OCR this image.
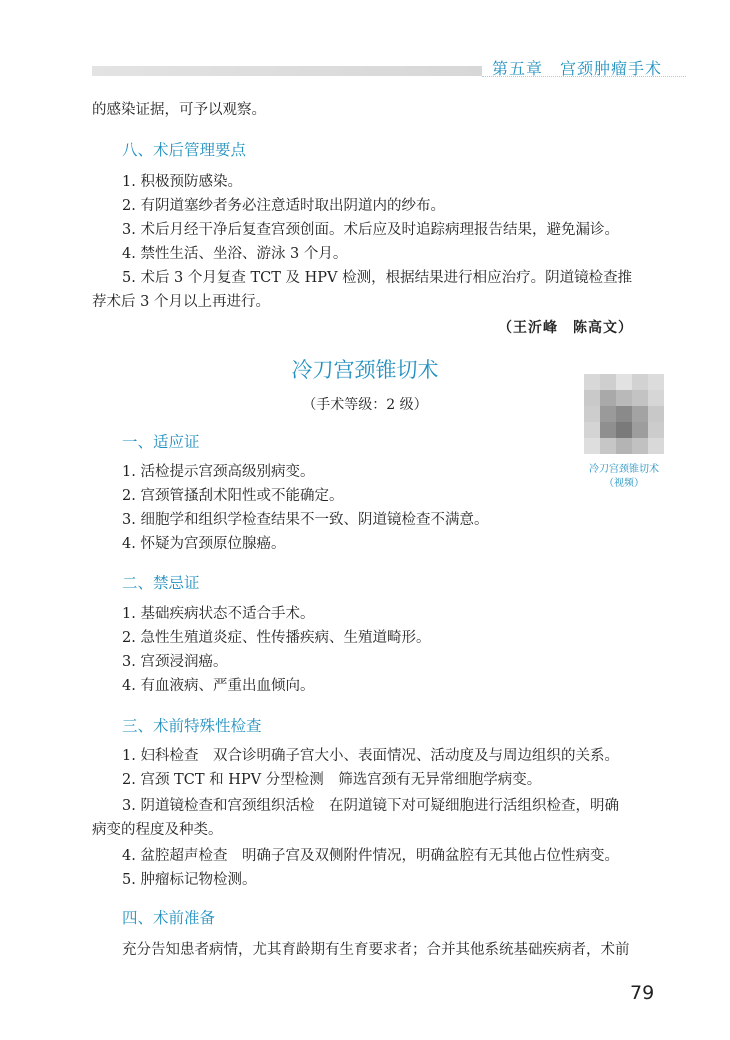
第五章　宫颈肿瘤手术
的感染证据，可予以观察。
八、术后管理要点
1. 积极预防感染。
2. 有阴道塞纱者务必注意适时取出阴道内的纱布。
3. 术后月经干净后复查宫颈创面。术后应及时追踪病理报告结果，避免漏诊。
4. 禁性生活、坐浴、游泳 3 个月。
5. 术后 3 个月复查 TCT 及 HPV 检测，根据结果进行相应治疗。阴道镜检查推
荐术后 3 个月以上再进行。
（王沂峰　陈高文）
冷刀宫颈锥切术
（手术等级：2 级）
冷刀宫颈锥切术
（视频）
一、适应证
1. 活检提示宫颈高级别病变。
2. 宫颈管搔刮术阳性或不能确定。
3. 细胞学和组织学检查结果不一致、阴道镜检查不满意。
4. 怀疑为宫颈原位腺癌。
二、禁忌证
1. 基础疾病状态不适合手术。
2. 急性生殖道炎症、性传播疾病、生殖道畸形。
3. 宫颈浸润癌。
4. 有血液病、严重出血倾向。
三、术前特殊性检查
1. 妇科检查　双合诊明确子宫大小、表面情况、活动度及与周边组织的关系。
2. 宫颈 TCT 和 HPV 分型检测　筛选宫颈有无异常细胞学病变。
3. 阴道镜检查和宫颈组织活检　在阴道镜下对可疑细胞进行活组织检查，明确
病变的程度及种类。
4. 盆腔超声检查　明确子宫及双侧附件情况，明确盆腔有无其他占位性病变。
5. 肿瘤标记物检测。
四、术前准备
充分告知患者病情，尤其育龄期有生育要求者；合并其他系统基础疾病者，术前
79
